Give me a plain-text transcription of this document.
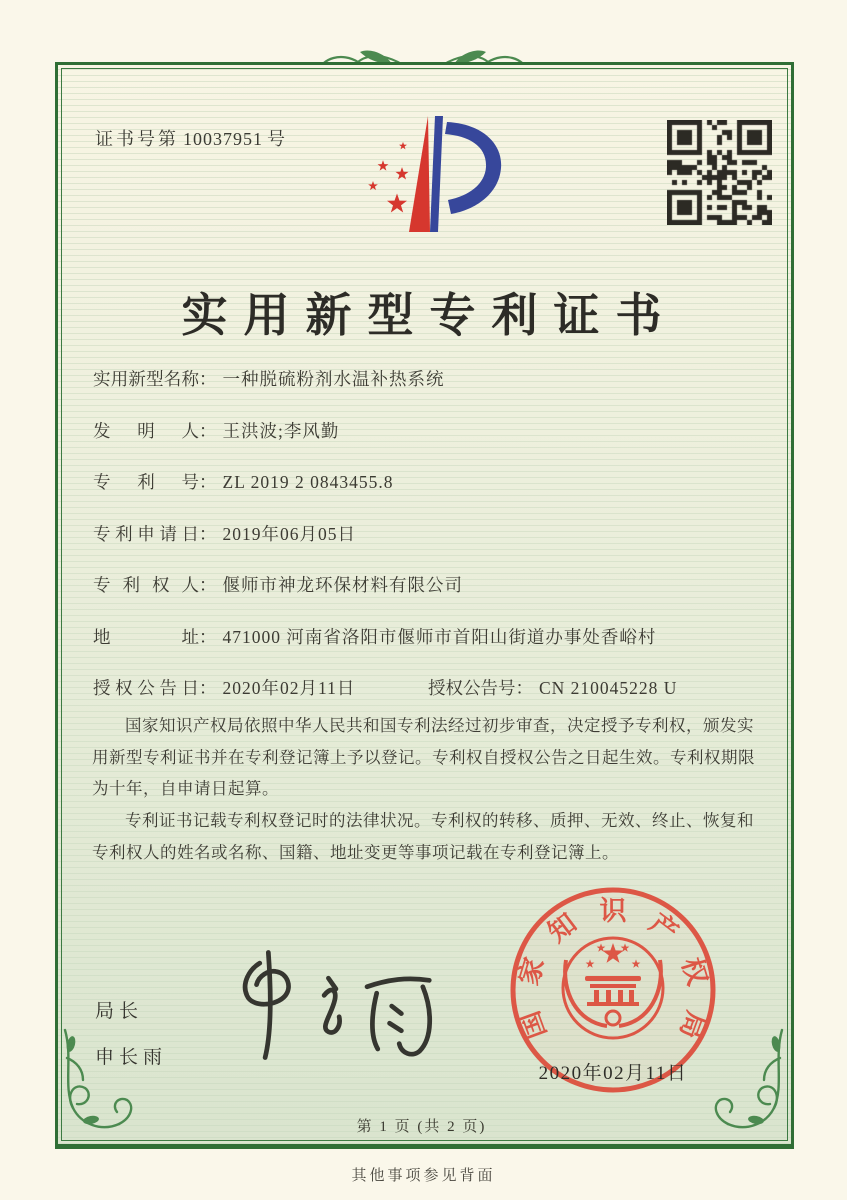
证书号第 10037951 号
实用新型专利证书
实用新型名称： 一种脱硫粉剂水温补热系统
发明人： 王洪波;李风勤
专利号： ZL 2019 2 0843455.8
专利申请日： 2019年06月05日
专利权人： 偃师市神龙环保材料有限公司
地址： 471000 河南省洛阳市偃师市首阳山街道办事处香峪村
授权公告日： 2020年02月11日	授权公告号： CN 210045228 U

国家知识产权局依照中华人民共和国专利法经过初步审查，决定授予专利权，颁发实用新型专利证书并在专利登记簿上予以登记。专利权自授权公告之日起生效。专利权期限为十年，自申请日起算。

专利证书记载专利权登记时的法律状况。专利权的转移、质押、无效、终止、恢复和专利权人的姓名或名称、国籍、地址变更等事项记载在专利登记簿上。

局长
申长雨
国
家
知 识 产
权
局
2020年02月11日
第 1 页 (共 2 页)
其他事项参见背面
